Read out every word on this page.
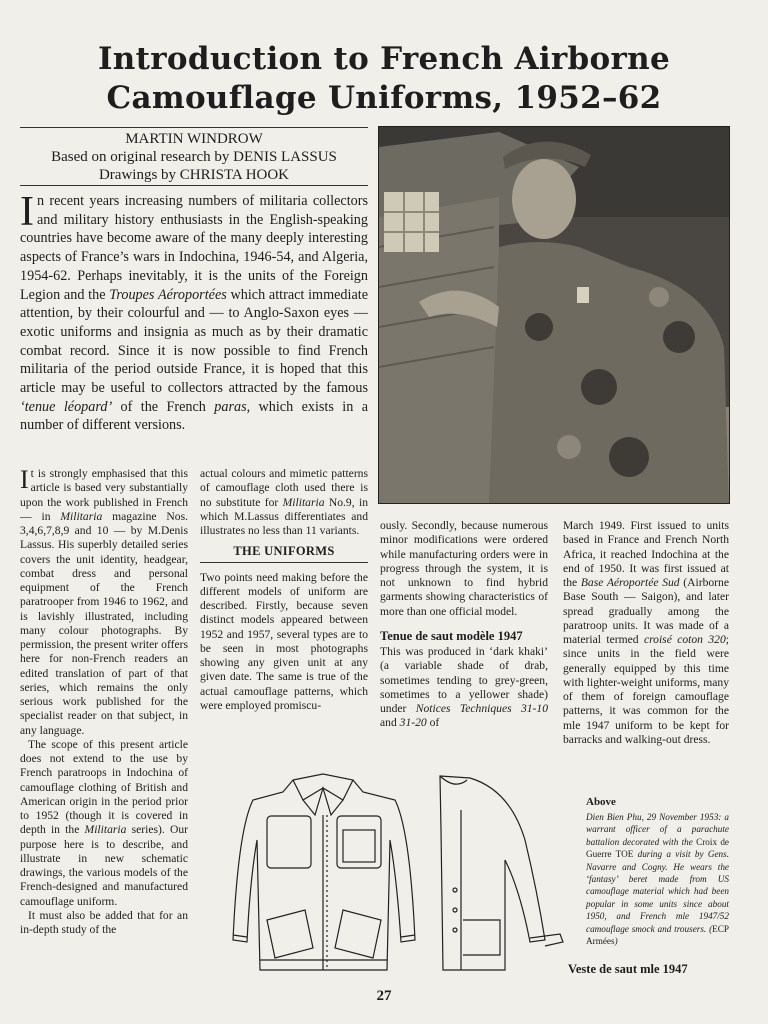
Introduction to French Airborne
Camouflage Uniforms, 1952–62
MARTIN WINDROW
Based on original research by DENIS LASSUS
Drawings by CHRISTA HOOK

In recent years increasing numbers of militaria collectors and military history enthusiasts in the English-speaking countries have become aware of the many deeply interesting aspects of France’s wars in Indochina, 1946-54, and Algeria, 1954-62. Perhaps inevitably, it is the units of the Foreign Legion and the Troupes Aéroportées which attract immediate attention, by their colourful and — to Anglo-Saxon eyes — exotic uniforms and insignia as much as by their dramatic combat record. Since it is now possible to find French militaria of the period outside France, it is hoped that this article may be useful to collectors attracted by the famous ‘tenue léopard’ of the French paras, which exists in a number of different versions.

It is strongly emphasised that this article is based very substantially upon the work published in French — in Militaria magazine Nos. 3,4,6,7,8,9 and 10 — by M.Denis Lassus. His superbly detailed series covers the unit identity, headgear, combat dress and personal equipment of the French paratrooper from 1946 to 1962, and is lavishly illustrated, including many colour photographs. By permission, the present writer offers here for non-French readers an edited translation of part of that series, which remains the only serious work published for the specialist reader on that subject, in any language.

The scope of this present article does not extend to the use by French paratroops in Indochina of camouflage clothing of British and American origin in the period prior to 1952 (though it is covered in depth in the Militaria series). Our purpose here is to describe, and illustrate in new schematic drawings, the various models of the French-designed and manufactured camouflage uniform.

It must also be added that for an in-depth study of the

actual colours and mimetic patterns of camouflage cloth used there is no substitute for Militaria No.9, in which M.Lassus differentiates and illustrates no less than 11 variants.

THE UNIFORMS

Two points need making before the different models of uniform are described. Firstly, because seven distinct models appeared between 1952 and 1957, several types are to be seen in most photographs showing any given unit at any given date. The same is true of the actual camouflage patterns, which were employed promiscu-

ously. Secondly, because numerous minor modifications were ordered while manufacturing orders were in progress through the system, it is not unknown to find hybrid garments showing characteristics of more than one official model.

Tenue de saut modèle 1947

This was produced in ‘dark khaki’ (a variable shade of drab, sometimes tending to grey-green, sometimes to a yellower shade) under Notices Techniques 31-10 and 31-20 of

March 1949. First issued to units based in France and French North Africa, it reached Indochina at the end of 1950. It was first issued at the Base Aéroportée Sud (Airborne Base South — Saigon), and later spread gradually among the paratroop units. It was made of a material termed croisé coton 320; since units in the field were generally equipped by this time with lighter-weight uniforms, many of them of foreign camouflage patterns, it was common for the mle 1947 uniform to be kept for barracks and walking-out dress.

Above
Dien Bien Phu, 29 November 1953: a warrant officer of a parachute battalion decorated with the Croix de Guerre TOE during a visit by Gens. Navarre and Cogny. He wears the ‘fantasy’ beret made from US camouflage material which had been popular in some units since about 1950, and French mle 1947/52 camouflage smock and trousers. (ECP Armées)
Veste de saut mle 1947
27
